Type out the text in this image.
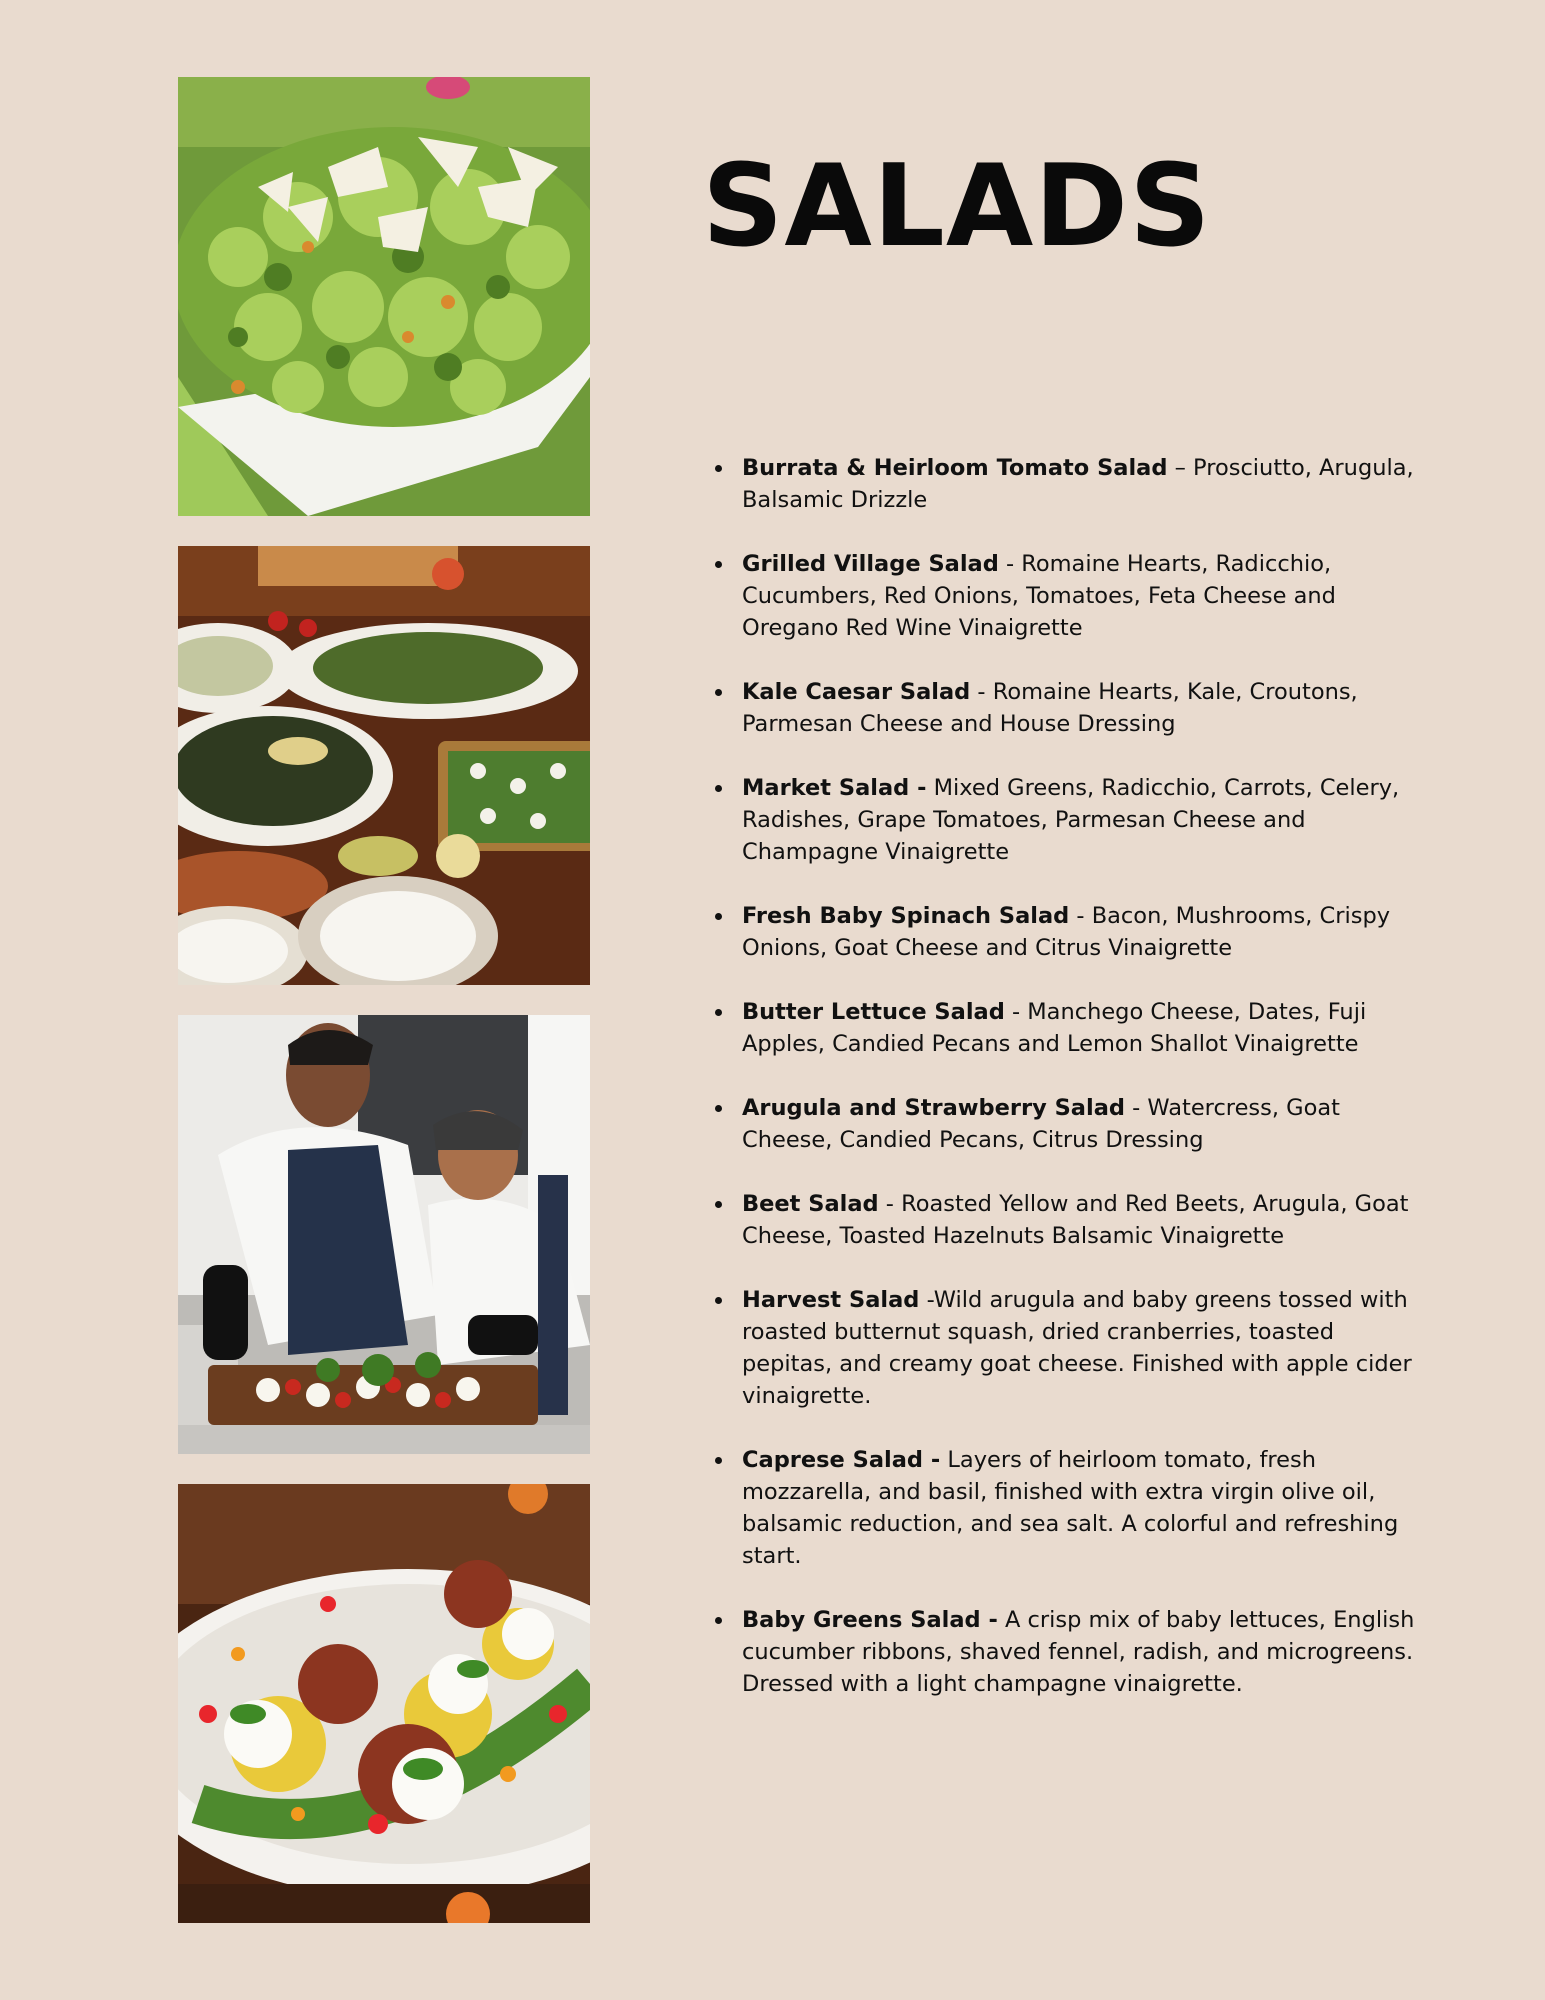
SALADS
Burrata & Heirloom Tomato Salad – Prosciutto, Arugula, Balsamic Drizzle
Grilled Village Salad - Romaine Hearts, Radicchio, Cucumbers, Red Onions, Tomatoes, Feta Cheese and Oregano Red Wine Vinaigrette
Kale Caesar Salad - Romaine Hearts, Kale, Croutons, Parmesan Cheese and House Dressing
Market Salad - Mixed Greens, Radicchio, Carrots, Celery, Radishes, Grape Tomatoes, Parmesan Cheese and Champagne Vinaigrette
Fresh Baby Spinach Salad - Bacon, Mushrooms, Crispy Onions, Goat Cheese and Citrus Vinaigrette
Butter Lettuce Salad - Manchego Cheese, Dates, Fuji Apples, Candied Pecans and Lemon Shallot Vinaigrette
Arugula and Strawberry Salad - Watercress, Goat Cheese, Candied Pecans, Citrus Dressing
Beet Salad - Roasted Yellow and Red Beets, Arugula, Goat Cheese, Toasted Hazelnuts Balsamic Vinaigrette
Harvest Salad -Wild arugula and baby greens tossed with roasted butternut squash, dried cranberries, toasted pepitas, and creamy goat cheese. Finished with apple cider vinaigrette.
Caprese Salad - Layers of heirloom tomato, fresh mozzarella, and basil, finished with extra virgin olive oil, balsamic reduction, and sea salt. A colorful and refreshing start.
Baby Greens Salad - A crisp mix of baby lettuces, English cucumber ribbons, shaved fennel, radish, and microgreens. Dressed with a light champagne vinaigrette.
